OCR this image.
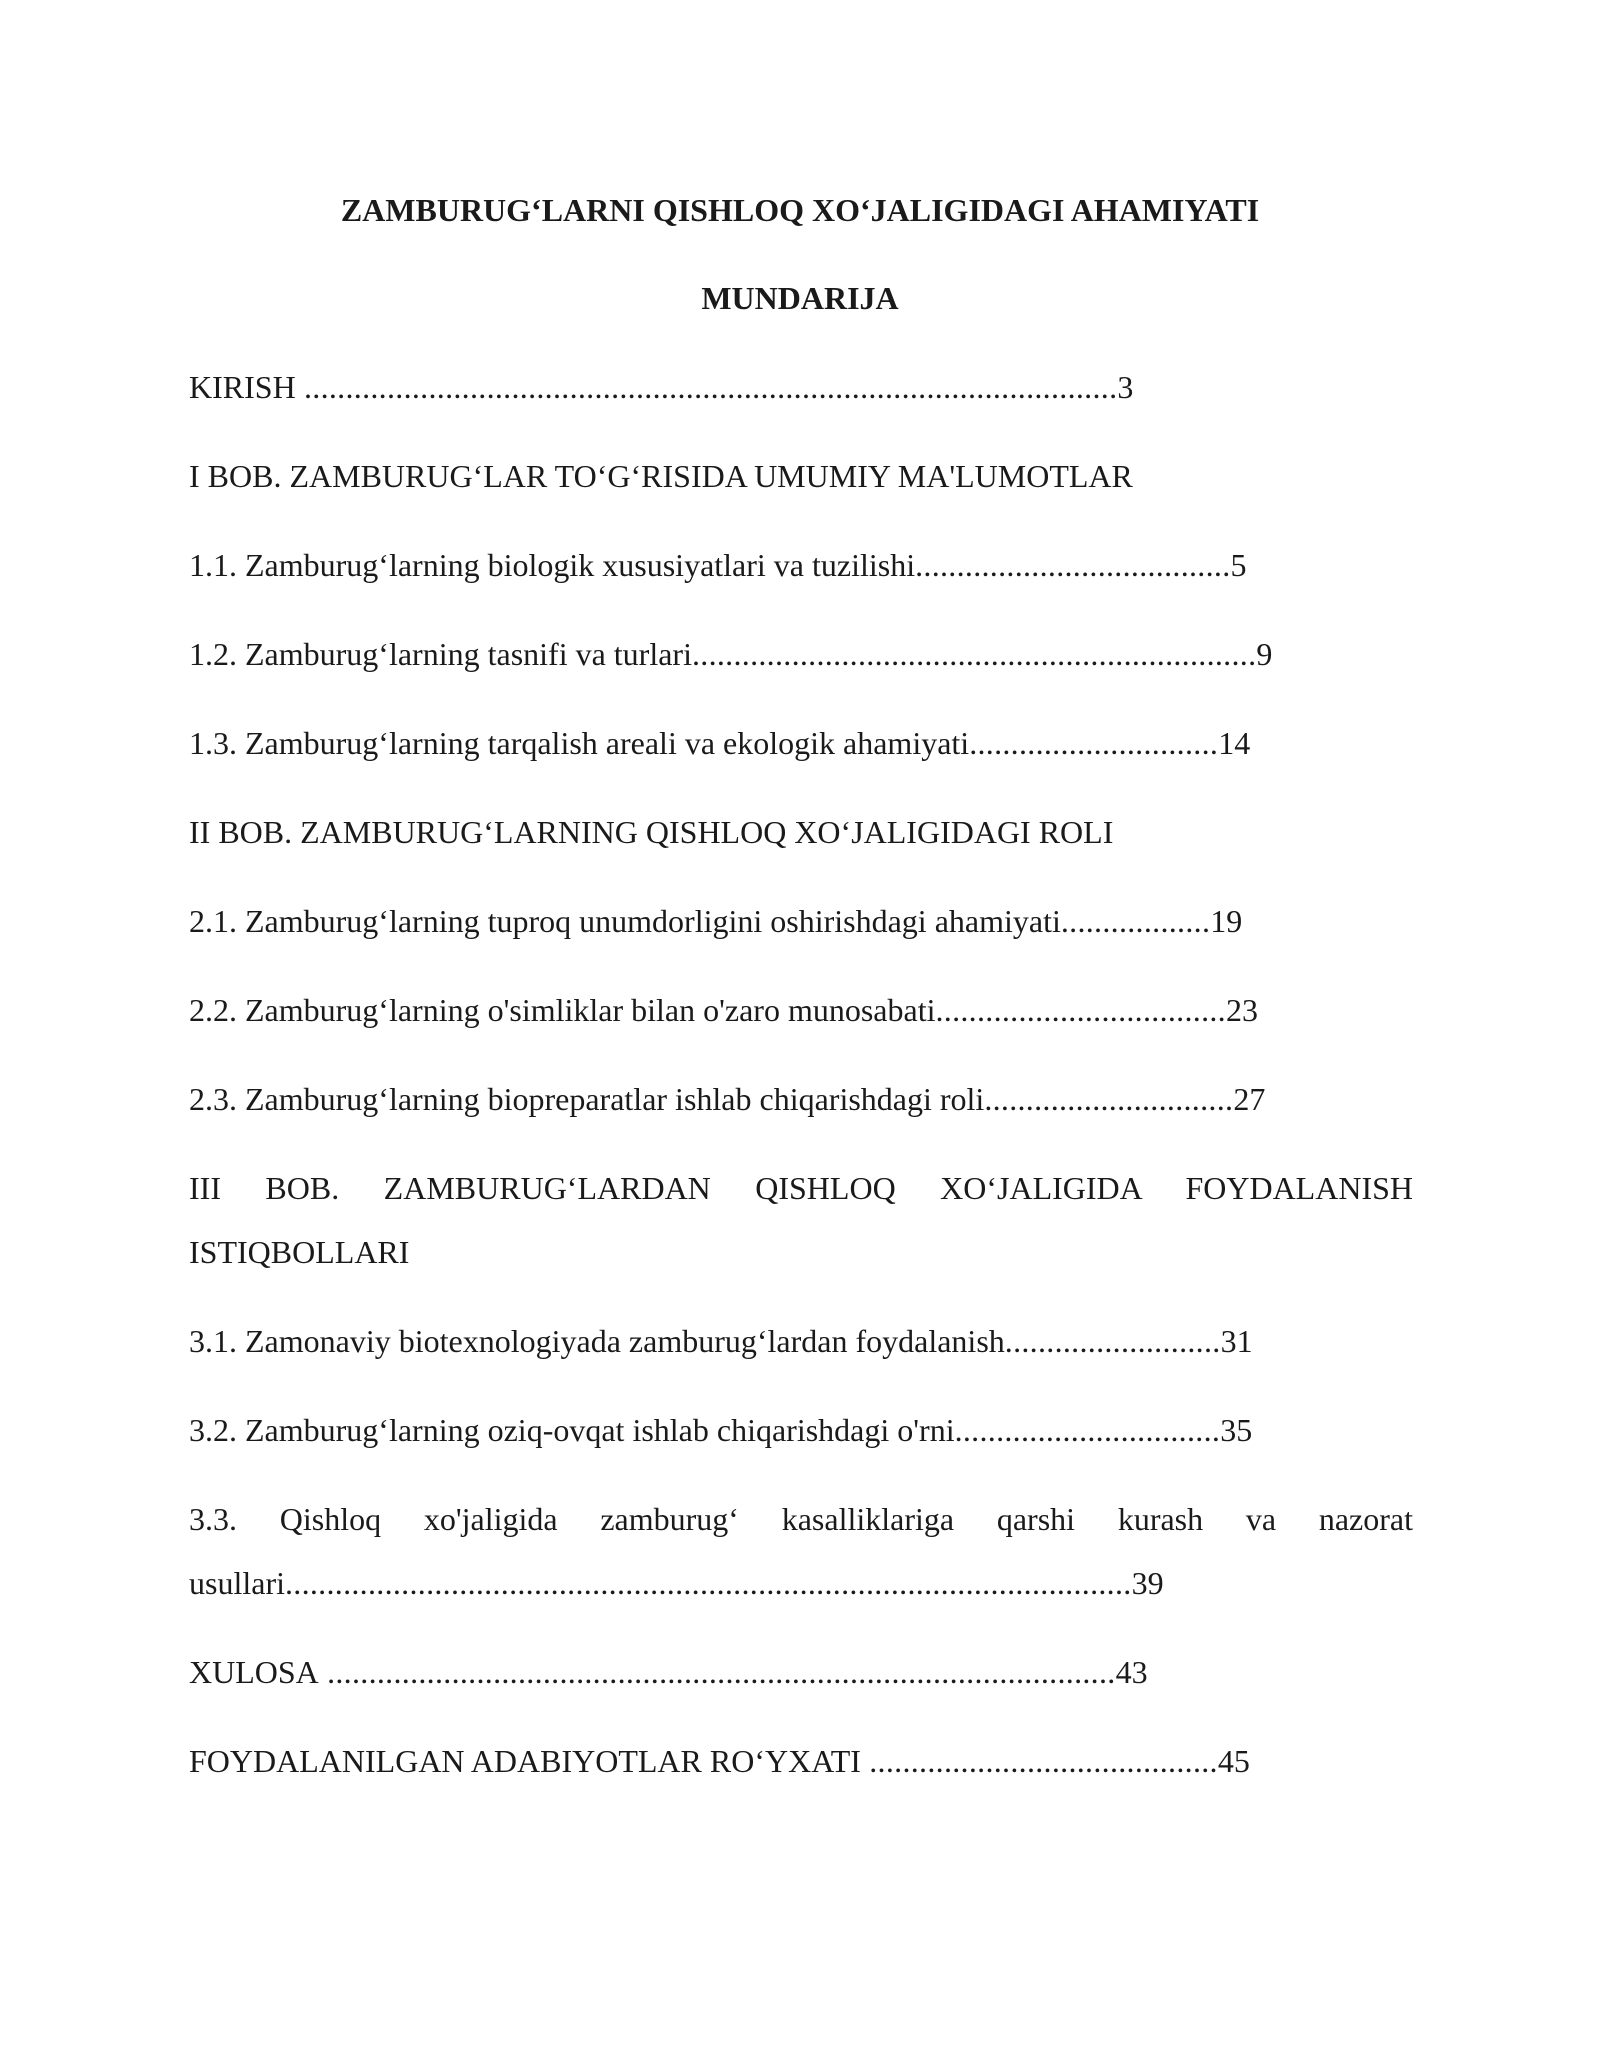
ZAMBURUG‘LARNI QISHLOQ XO‘JALIGIDAGI AHAMIYATI
MUNDARIJA
KIRISH ..................................................................................................3
I BOB. ZAMBURUG‘LAR TO‘G‘RISIDA UMUMIY MA'LUMOTLAR
1.1. Zamburug‘larning biologik xususiyatlari va tuzilishi......................................5
1.2. Zamburug‘larning tasnifi va turlari....................................................................9
1.3. Zamburug‘larning tarqalish areali va ekologik ahamiyati..............................14
II BOB. ZAMBURUG‘LARNING QISHLOQ XO‘JALIGIDAGI ROLI
2.1. Zamburug‘larning tuproq unumdorligini oshirishdagi ahamiyati..................19
2.2. Zamburug‘larning o'simliklar bilan o'zaro munosabati...................................23
2.3. Zamburug‘larning biopreparatlar ishlab chiqarishdagi roli..............................27
III BOB. ZAMBURUG‘LARDAN QISHLOQ XO‘JALIGIDA FOYDALANISH
ISTIQBOLLARI
3.1. Zamonaviy biotexnologiyada zamburug‘lardan foydalanish..........................31
3.2. Zamburug‘larning oziq-ovqat ishlab chiqarishdagi o'rni................................35
3.3. Qishloq xo'jaligida zamburug‘ kasalliklariga qarshi kurash va nazorat
usullari......................................................................................................39
XULOSA ...............................................................................................43
FOYDALANILGAN ADABIYOTLAR RO‘YXATI ..........................................45
